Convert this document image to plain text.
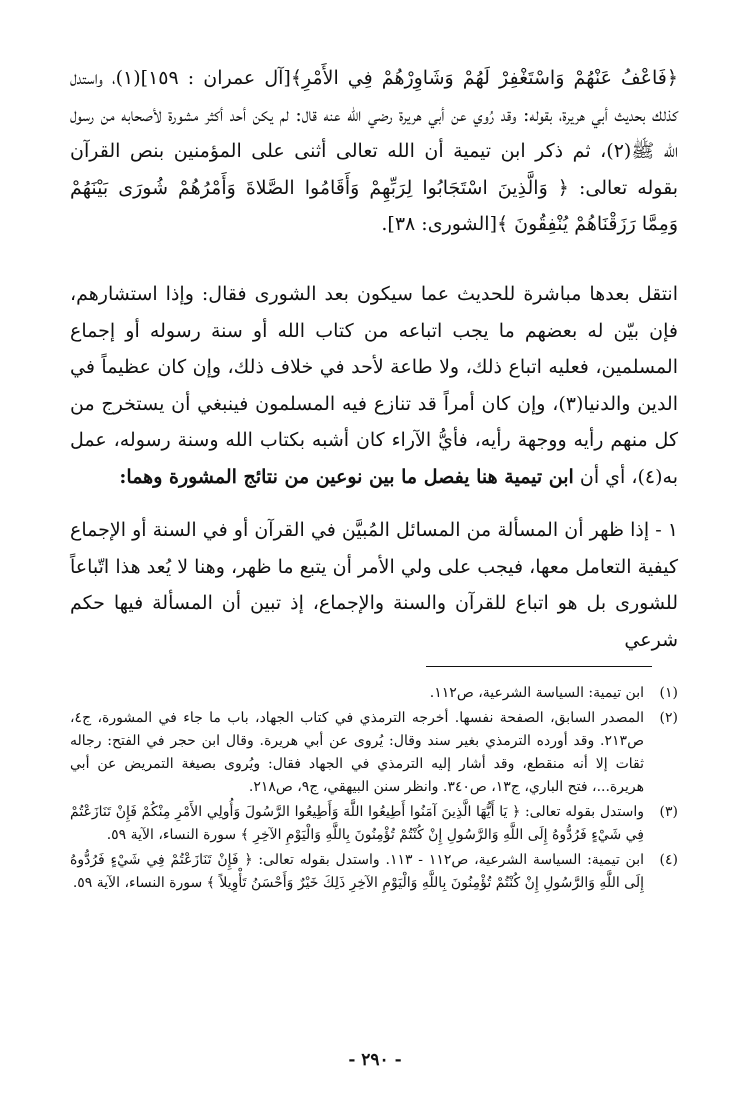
﴿فَاعْفُ عَنْهُمْ وَاسْتَغْفِرْ لَهُمْ وَشَاوِرْهُمْ فِي الأَمْرِ﴾[آل عمران : ١٥٩](١)، واستدل كذلك بحديث أبي هريرة، بقوله: وقد رُوي عن أبي هريرة رضي الله عنه قال: لم يكن أحد أكثر مشورة لأصحابه من رسول الله ﷺ(٢)، ثم ذكر ابن تيمية أن الله تعالى أثنى على المؤمنين بنص القرآن بقوله تعالى: ﴿ وَالَّذِينَ اسْتَجَابُوا لِرَبِّهِمْ وَأَقَامُوا الصَّلاةَ وَأَمْرُهُمْ شُورَى بَيْنَهُمْ وَمِمَّا رَزَقْنَاهُمْ يُنْفِقُونَ ﴾[الشورى: ٣٨].

انتقل بعدها مباشرة للحديث عما سيكون بعد الشورى فقال: وإذا استشارهم، فإن بيّن له بعضهم ما يجب اتباعه من كتاب الله أو سنة رسوله أو إجماع المسلمين، فعليه اتباع ذلك، ولا طاعة لأحد في خلاف ذلك، وإن كان عظيماً في الدين والدنيا(٣)، وإن كان أمراً قد تنازع فيه المسلمون فينبغي أن يستخرج من كل منهم رأيه ووجهة رأيه، فأيُّ الآراء كان أشبه بكتاب الله وسنة رسوله، عمل به(٤)، أي أن ابن تيمية هنا يفصل ما بين نوعين من نتائج المشورة وهما:

١ - إذا ظهر أن المسألة من المسائل المُبيَّن في القرآن أو في السنة أو الإجماع كيفية التعامل معها، فيجب على ولي الأمر أن يتبع ما ظهر، وهنا لا يُعد هذا اتّباعاً للشورى بل هو اتباع للقرآن والسنة والإجماع، إذ تبين أن المسألة فيها حكم شرعي

(١)
ابن تيمية: السياسة الشرعية، ص١١٢.
(٢)
المصدر السابق، الصفحة نفسها. أخرجه الترمذي في كتاب الجهاد، باب ما جاء في المشورة، ج٤، ص٢١٣. وقد أورده الترمذي بغير سند وقال: يُروى عن أبي هريرة. وقال ابن حجر في الفتح: رجاله ثقات إلا أنه منقطع، وقد أشار إليه الترمذي في الجهاد فقال: ويُروى بصيغة التمريض عن أبي هريرة...، فتح الباري، ج١٣، ص٣٤٠. وانظر سنن البيهقي، ج٩، ص٢١٨.
(٣)
واستدل بقوله تعالى: ﴿ يَا أَيُّهَا الَّذِينَ آمَنُوا أَطِيعُوا اللَّهَ وَأَطِيعُوا الرَّسُولَ وَأُولِي الأَمْرِ مِنْكُمْ فَإِنْ تَنَازَعْتُمْ فِي شَيْءٍ فَرُدُّوهُ إِلَى اللَّهِ وَالرَّسُولِ إِنْ كُنْتُمْ تُؤْمِنُونَ بِاللَّهِ وَالْيَوْمِ الآخِرِ ﴾ سورة النساء، الآية ٥٩.
(٤)
ابن تيمية: السياسة الشرعية، ص١١٢ - ١١٣. واستدل بقوله تعالى: ﴿ فَإِنْ تَنَازَعْتُمْ فِي شَيْءٍ فَرُدُّوهُ إِلَى اللَّهِ وَالرَّسُولِ إِنْ كُنْتُمْ تُؤْمِنُونَ بِاللَّهِ وَالْيَوْمِ الآخِرِ ذَلِكَ خَيْرٌ وَأَحْسَنُ تَأْوِيلاً ﴾ سورة النساء، الآية ٥٩.
- ٢٩٠ -
